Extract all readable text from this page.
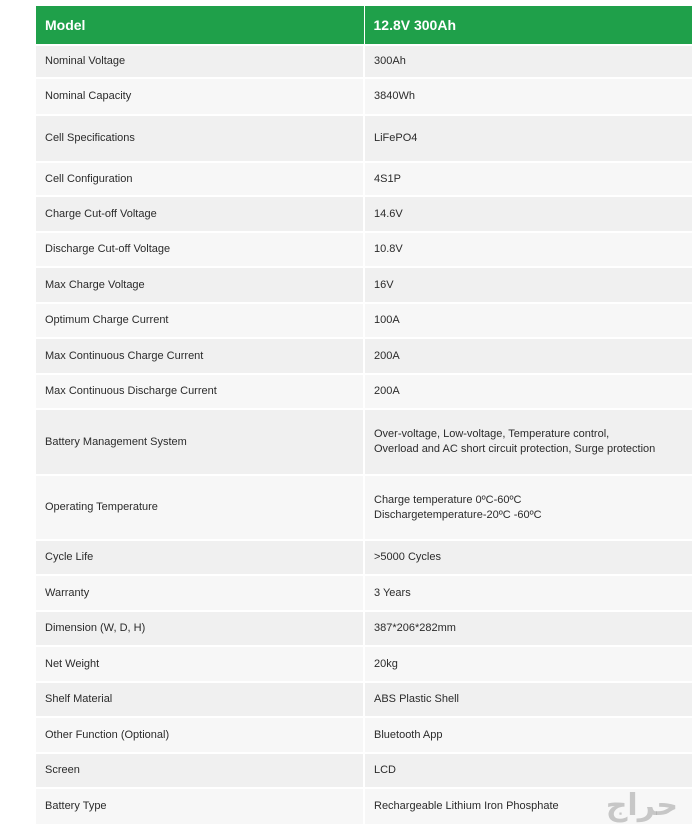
Model	12.8V 300Ah
Nominal Voltage	300Ah
Nominal Capacity	3840Wh
Cell Specifications	LiFePO4
Cell Configuration	4S1P
Charge Cut-off Voltage	14.6V
Discharge Cut-off Voltage	10.8V
Max Charge Voltage	16V
Optimum Charge Current	100A
Max Continuous Charge Current	200A
Max Continuous Discharge Current	200A
Battery Management System	Over-voltage, Low-voltage, Temperature control,
Overload and AC short circuit protection, Surge protection

Operating Temperature	Charge temperature 0ºC-60ºC
Dischargetemperature-20ºC -60ºC

Cycle Life	>5000 Cycles
Warranty	3 Years
Dimension (W, D, H)	387*206*282mm
Net Weight	20kg
Shelf Material	ABS Plastic Shell
Other Function (Optional)	Bluetooth App
Screen	LCD
Battery Type	Rechargeable Lithium Iron Phosphate حراج
